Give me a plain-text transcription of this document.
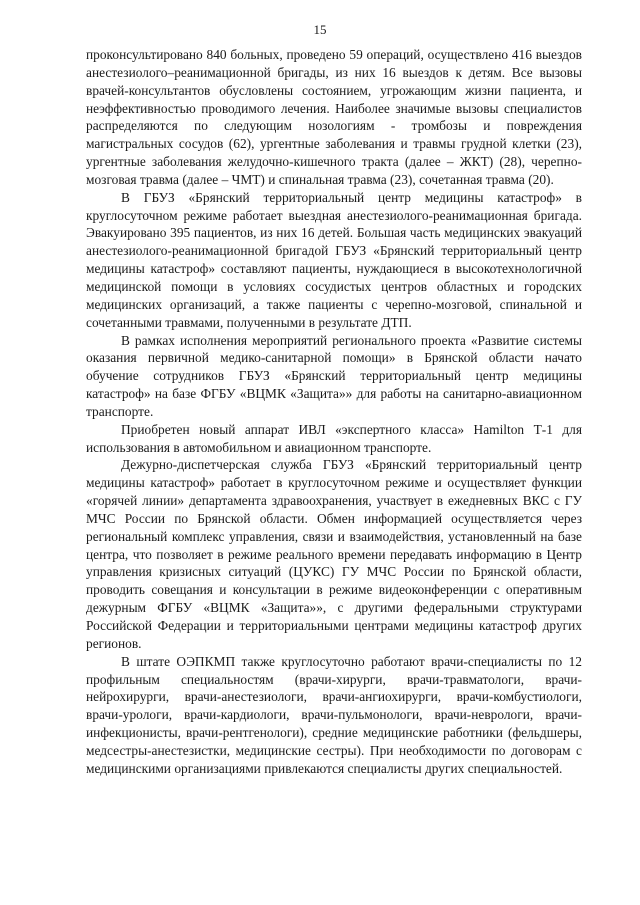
15

проконсультировано 840 больных, проведено 59 операций, осуществлено 416 выездов анестезиолого–реанимационной бригады, из них 16 выездов к детям. Все вызовы врачей-консультантов обусловлены состоянием, угрожающим жизни пациента, и неэффективностью проводимого лечения. Наиболее значимые вызовы специалистов распределяются по следующим нозологиям - тромбозы и повреждения магистральных сосудов (62), ургентные заболевания и травмы грудной клетки (23), ургентные заболевания желудочно-кишечного тракта (далее – ЖКТ) (28), черепно-мозговая травма (далее – ЧМТ) и спинальная травма (23), сочетанная травма (20).

В ГБУЗ «Брянский территориальный центр медицины катастроф» в круглосуточном режиме работает выездная анестезиолого-реанимационная бригада. Эвакуировано 395 пациентов, из них 16 детей. Большая часть медицинских эвакуаций анестезиолого-реанимационной бригадой ГБУЗ «Брянский территориальный центр медицины катастроф» составляют пациенты, нуждающиеся в высокотехнологичной медицинской помощи в условиях сосудистых центров областных и городских медицинских организаций, а также пациенты с черепно-мозговой, спинальной и сочетанными травмами, полученными в результате ДТП.

В рамках исполнения мероприятий регионального проекта «Развитие системы оказания первичной медико-санитарной помощи» в Брянской области начато обучение сотрудников ГБУЗ «Брянский территориальный центр медицины катастроф» на базе ФГБУ «ВЦМК «Защита»» для работы на санитарно-авиационном транспорте.

Приобретен новый аппарат ИВЛ «экспертного класса» Hamilton Т-1 для использования в автомобильном и авиационном транспорте.

Дежурно-диспетчерская служба ГБУЗ «Брянский территориальный центр медицины катастроф» работает в круглосуточном режиме и осуществляет функции «горячей линии» департамента здравоохранения, участвует в ежедневных ВКС с ГУ МЧС России по Брянской области. Обмен информацией осуществляется через региональный комплекс управления, связи и взаимодействия, установленный на базе центра, что позволяет в режиме реального времени передавать информацию в Центр управления кризисных ситуаций (ЦУКС) ГУ МЧС России по Брянской области, проводить совещания и консультации в режиме видеоконференции с оперативным дежурным ФГБУ «ВЦМК «Защита»», с другими федеральными структурами Российской Федерации и территориальными центрами медицины катастроф других регионов.

В штате ОЭПКМП также круглосуточно работают врачи-специалисты по 12 профильным специальностям (врачи-хирурги, врачи-травматологи, врачи-нейрохирурги, врачи-анестезиологи, врачи-ангиохирурги, врачи-комбустиологи, врачи-урологи, врачи-кардиологи, врачи-пульмонологи, врачи-неврологи, врачи-инфекционисты, врачи-рентгенологи), средние медицинские работники (фельдшеры, медсестры-анестезистки, медицинские сестры). При необходимости по договорам с медицинскими организациями привлекаются специалисты других специальностей.
